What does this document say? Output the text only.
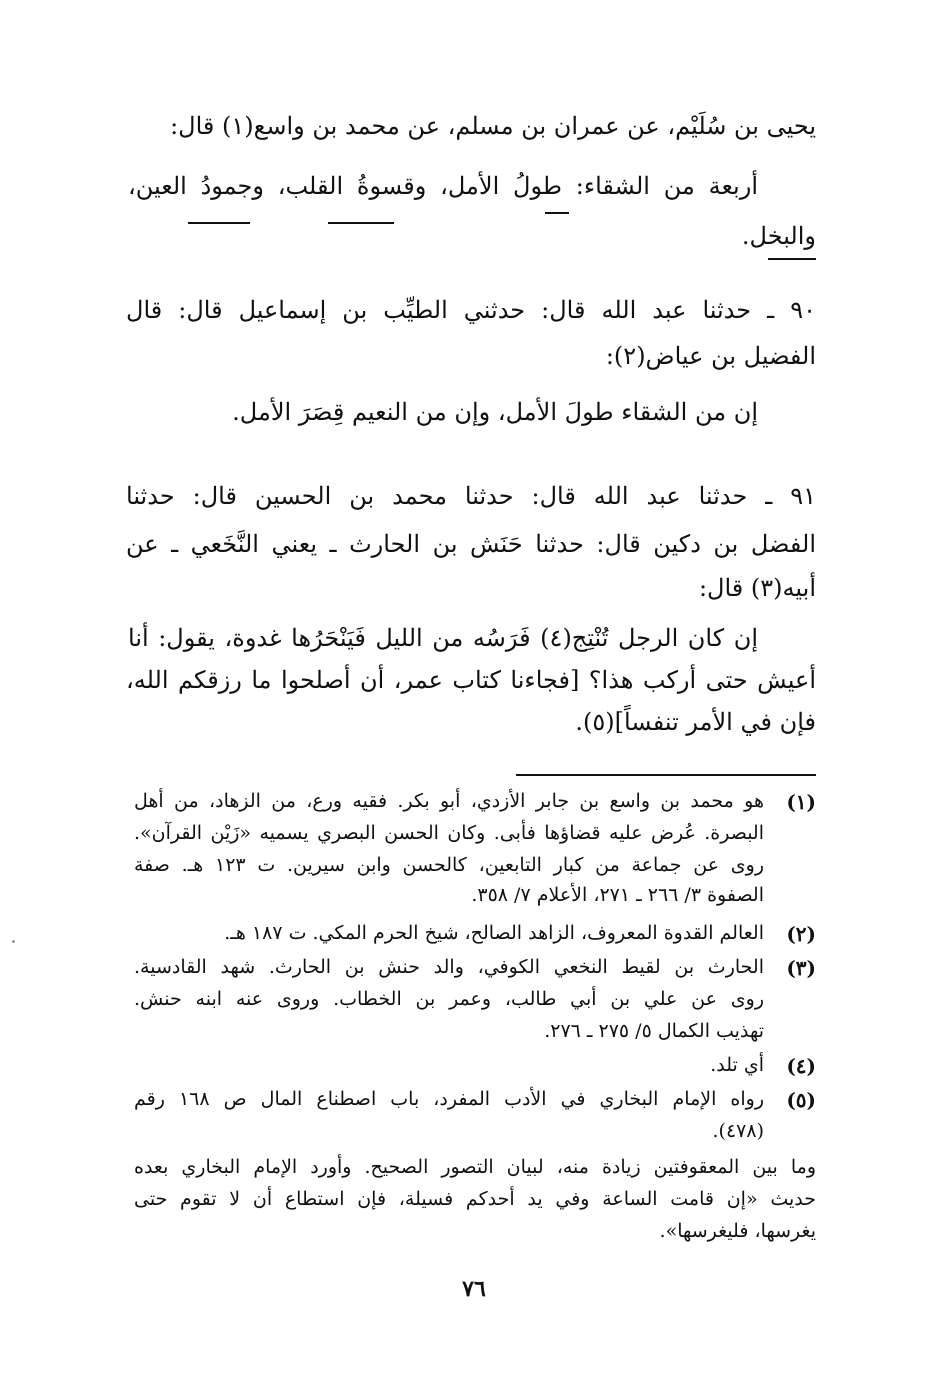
يحيى بن سُلَيْم، عن عمران بن مسلم، عن محمد بن واسع(١) قال:
أربعة من الشقاء: طولُ الأمل، وقسوةُ القلب، وجمودُ العين،
والبخل.
٩٠ ـ حدثنا عبد الله قال: حدثني الطيِّب بن إسماعيل قال: قال
الفضيل بن عياض(٢):
إن من الشقاء طولَ الأمل، وإن من النعيم قِصَرَ الأمل.
٩١ ـ حدثنا عبد الله قال: حدثنا محمد بن الحسين قال: حدثنا
الفضل بن دكين قال: حدثنا حَنَش بن الحارث ـ يعني النَّخَعي ـ عن
أبيه(٣) قال:
إن كان الرجل تُنْتِج(٤) فَرَسُه من الليل فَيَنْحَرُها غدوة، يقول: أنا
أعيش حتى أركب هذا؟ [فجاءنا كتاب عمر، أن أصلحوا ما رزقكم الله،
فإن في الأمر تنفساً](٥).
(١)
هو محمد بن واسع بن جابر الأزدي، أبو بكر. فقيه ورع، من الزهاد، من أهل
البصرة. عُرض عليه قضاؤها فأبى. وكان الحسن البصري يسميه «زَيْن القرآن».
روى عن جماعة من كبار التابعين، كالحسن وابن سيرين. ت ١٢٣ هـ. صفة
الصفوة ٣/ ٢٦٦ ـ ٢٧١، الأعلام ٧/ ٣٥٨.
(٢)
العالم القدوة المعروف، الزاهد الصالح، شيخ الحرم المكي. ت ١٨٧ هـ.
(٣)
الحارث بن لقيط النخعي الكوفي، والد حنش بن الحارث. شهد القادسية.
روى عن علي بن أبي طالب، وعمر بن الخطاب. وروى عنه ابنه حنش.
تهذيب الكمال ٥/ ٢٧٥ ـ ٢٧٦.
(٤)
أي تلد.
(٥)
رواه الإمام البخاري في الأدب المفرد، باب اصطناع المال ص ١٦٨ رقم
(٤٧٨).
وما بين المعقوفتين زيادة منه، لبيان التصور الصحيح. وأورد الإمام البخاري بعده
حديث «إن قامت الساعة وفي يد أحدكم فسيلة، فإن استطاع أن لا تقوم حتى
يغرسها، فليغرسها».
٧٦
